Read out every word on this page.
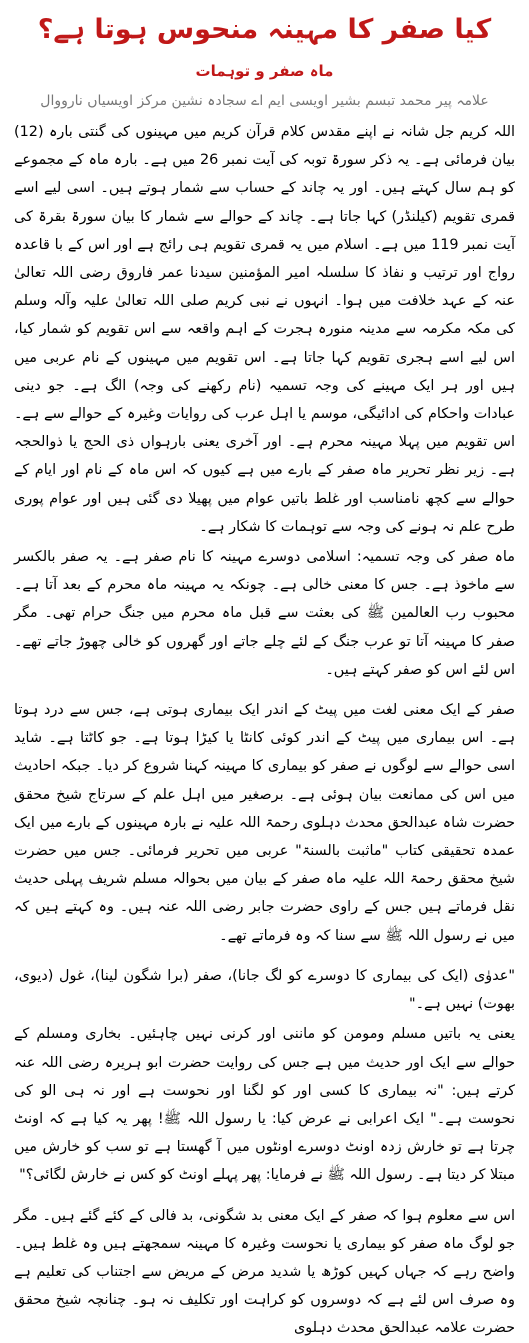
کیا صفر کا مہینہ منحوس ہوتا ہے؟
ماہ صفر و توہمات
علامہ پیر محمد تبسم بشیر اویسی ایم اے سجادہ نشین مرکز اویسیاں نارووال

اللہ کریم جل شانہ نے اپنے مقدس کلام قرآن کریم میں مہینوں کی گنتی بارہ (12) بیان فرمائی ہے۔ یہ ذکر سورۃ توبہ کی آیت نمبر 26 میں ہے۔ بارہ ماہ کے مجموعے کو ہم سال کہتے ہیں۔ اور یہ چاند کے حساب سے شمار ہوتے ہیں۔ اسی لیے اسے قمری تقویم (کیلنڈر) کہا جاتا ہے۔ چاند کے حوالے سے شمار کا بیان سورۃ بقرۃ کی آیت نمبر 119 میں ہے۔ اسلام میں یہ قمری تقویم ہی رائج ہے اور اس کے با قاعدہ رواج اور ترتیب و نفاذ کا سلسلہ امیر المؤمنین سیدنا عمر فاروق رضی اللہ تعالیٰ عنہ کے عہد خلافت میں ہوا۔ انہوں نے نبی کریم صلی اللہ تعالیٰ علیہ وآلہ وسلم کی مکہ مکرمہ سے مدینہ منورہ ہجرت کے اہم واقعہ سے اس تقویم کو شمار کیا، اس لیے اسے ہجری تقویم کہا جاتا ہے۔ اس تقویم میں مہینوں کے نام عربی میں ہیں اور ہر ایک مہینے کی وجہ تسمیہ (نام رکھنے کی وجہ) الگ ہے۔ جو دینی عبادات واحکام کی ادائیگی، موسم یا اہل عرب کی روایات وغیرہ کے حوالے سے ہے۔ اس تقویم میں پہلا مہینہ محرم ہے۔ اور آخری یعنی بارہواں ذی الحج یا ذوالحجہ ہے۔ زیر نظر تحریر ماہ صفر کے بارے میں ہے کیوں کہ اس ماہ کے نام اور ایام کے حوالے سے کچھ نامناسب اور غلط باتیں عوام میں پھیلا دی گئی ہیں اور عوام پوری طرح علم نہ ہونے کی وجہ سے توہمات کا شکار ہے۔

ماہ صفر کی وجہ تسمیہ: اسلامی دوسرے مہینہ کا نام صفر ہے۔ یہ صفر بالکسر سے ماخوذ ہے۔ جس کا معنی خالی ہے۔ چونکہ یہ مہینہ ماہ محرم کے بعد آتا ہے۔ محبوب رب العالمین ﷺ کی بعثت سے قبل ماہ محرم میں جنگ حرام تھی۔ مگر صفر کا مہینہ آتا تو عرب جنگ کے لئے چلے جاتے اور گھروں کو خالی چھوڑ جاتے تھے۔ اس لئے اس کو صفر کہتے ہیں۔

صفر کے ایک معنی لغت میں پیٹ کے اندر ایک بیماری ہوتی ہے، جس سے درد ہوتا ہے۔ اس بیماری میں پیٹ کے اندر کوئی کانٹا یا کیڑا ہوتا ہے۔ جو کاٹتا ہے۔ شاید اسی حوالے سے لوگوں نے صفر کو بیماری کا مہینہ کہنا شروع کر دیا۔ جبکہ احادیث میں اس کی ممانعت بیان ہوئی ہے۔ برصغیر میں اہل علم کے سرتاج شیخ محقق حضرت شاہ عبدالحق محدث دہلوی رحمۃ اللہ علیہ نے بارہ مہینوں کے بارے میں ایک عمدہ تحقیقی کتاب "ماثبت بالسنۃ" عربی میں تحریر فرمائی۔ جس میں حضرت شیخ محقق رحمۃ اللہ علیہ ماہ صفر کے بیان میں بحوالہ مسلم شریف پہلی حدیث نقل فرماتے ہیں جس کے راوی حضرت جابر رضی اللہ عنہ ہیں۔ وہ کہتے ہیں کہ میں نے رسول اللہ ﷺ سے سنا کہ وہ فرماتے تھے۔

"عدوٰی (ایک کی بیماری کا دوسرے کو لگ جانا)، صفر (برا شگون لینا)، غول (دیوی، بھوت) نہیں ہے۔"

یعنی یہ باتیں مسلم ومومن کو ماننی اور کرنی نہیں چاہئیں۔ بخاری ومسلم کے حوالے سے ایک اور حدیث میں ہے جس کی روایت حضرت ابو ہریرہ رضی اللہ عنہ کرتے ہیں: "نہ بیماری کا کسی اور کو لگنا اور نحوست ہے اور نہ ہی الو کی نحوست ہے۔" ایک اعرابی نے عرض کیا: یا رسول اللہ ﷺ! پھر یہ کیا ہے کہ اونٹ چرتا ہے تو خارش زدہ اونٹ دوسرے اونٹوں میں آ گھستا ہے تو سب کو خارش میں مبتلا کر دیتا ہے۔ رسول اللہ ﷺ نے فرمایا: پھر پہلے اونٹ کو کس نے خارش لگائی؟"

اس سے معلوم ہوا کہ صفر کے ایک معنی بد شگونی، بد فالی کے کئے گئے ہیں۔ مگر جو لوگ ماہ صفر کو بیماری یا نحوست وغیرہ کا مہینہ سمجھتے ہیں وہ غلط ہیں۔ واضح رہے کہ جہاں کہیں کوڑھ یا شدید مرض کے مریض سے اجتناب کی تعلیم ہے وہ صرف اس لئے ہے کہ دوسروں کو کراہت اور تکلیف نہ ہو۔ چنانچہ شیخ محقق حضرت علامہ عبدالحق محدث دہلوی
